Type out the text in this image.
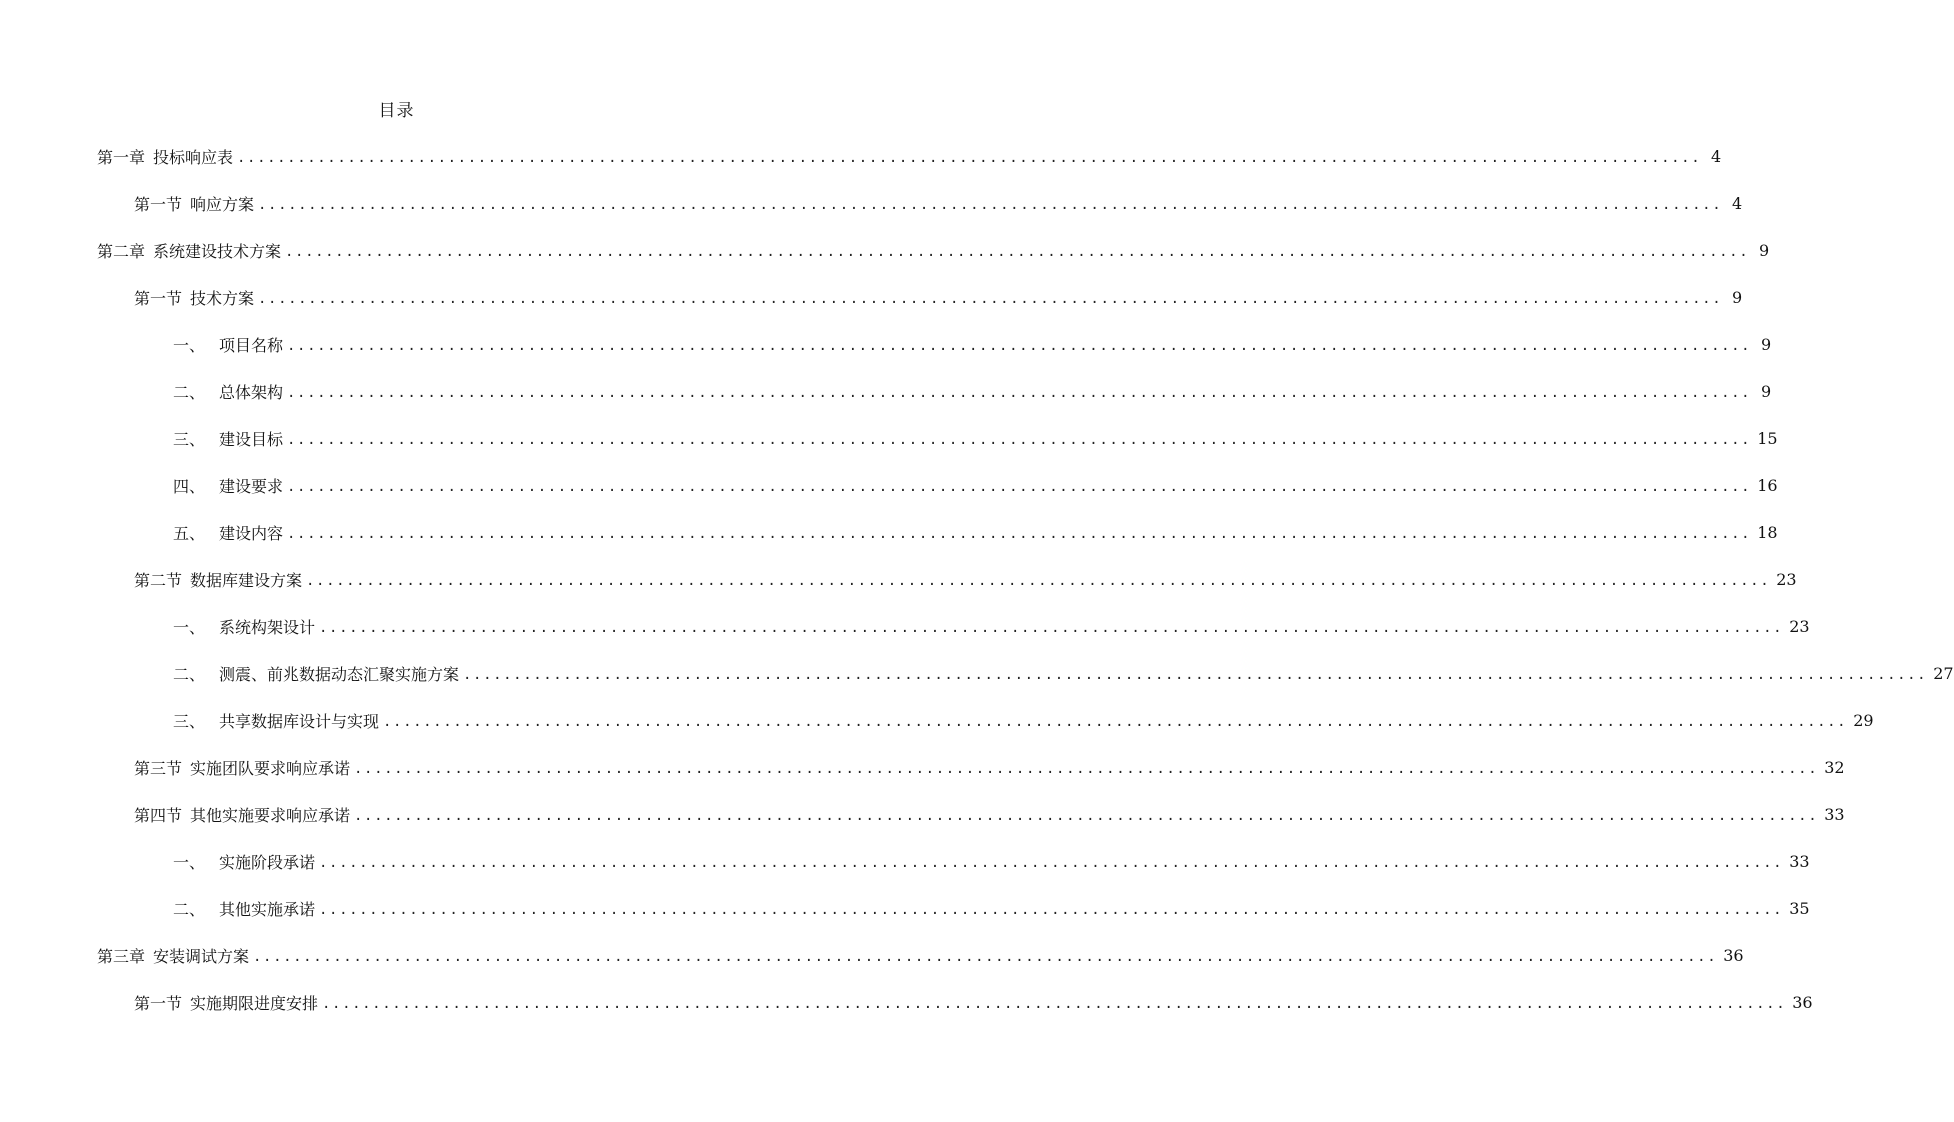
目录
第一章 投标响应表 .................................................................................................................................................. 4
第一节 响应方案 .................................................................................................................................................. 4
第二章 系统建设技术方案 .................................................................................................................................................. 9
第一节 技术方案 .................................................................................................................................................. 9
一、 项目名称 .................................................................................................................................................. 9
二、 总体架构 .................................................................................................................................................. 9
三、 建设目标 .................................................................................................................................................. 15
四、 建设要求 .................................................................................................................................................. 16
五、 建设内容 .................................................................................................................................................. 18
第二节 数据库建设方案 .................................................................................................................................................. 23
一、 系统构架设计 .................................................................................................................................................. 23
二、 测震、前兆数据动态汇聚实施方案 .................................................................................................................................................. 27
三、 共享数据库设计与实现 .................................................................................................................................................. 29
第三节 实施团队要求响应承诺 .................................................................................................................................................. 32
第四节 其他实施要求响应承诺 .................................................................................................................................................. 33
一、 实施阶段承诺 .................................................................................................................................................. 33
二、 其他实施承诺 .................................................................................................................................................. 35
第三章 安装调试方案 .................................................................................................................................................. 36
第一节 实施期限进度安排 .................................................................................................................................................. 36
